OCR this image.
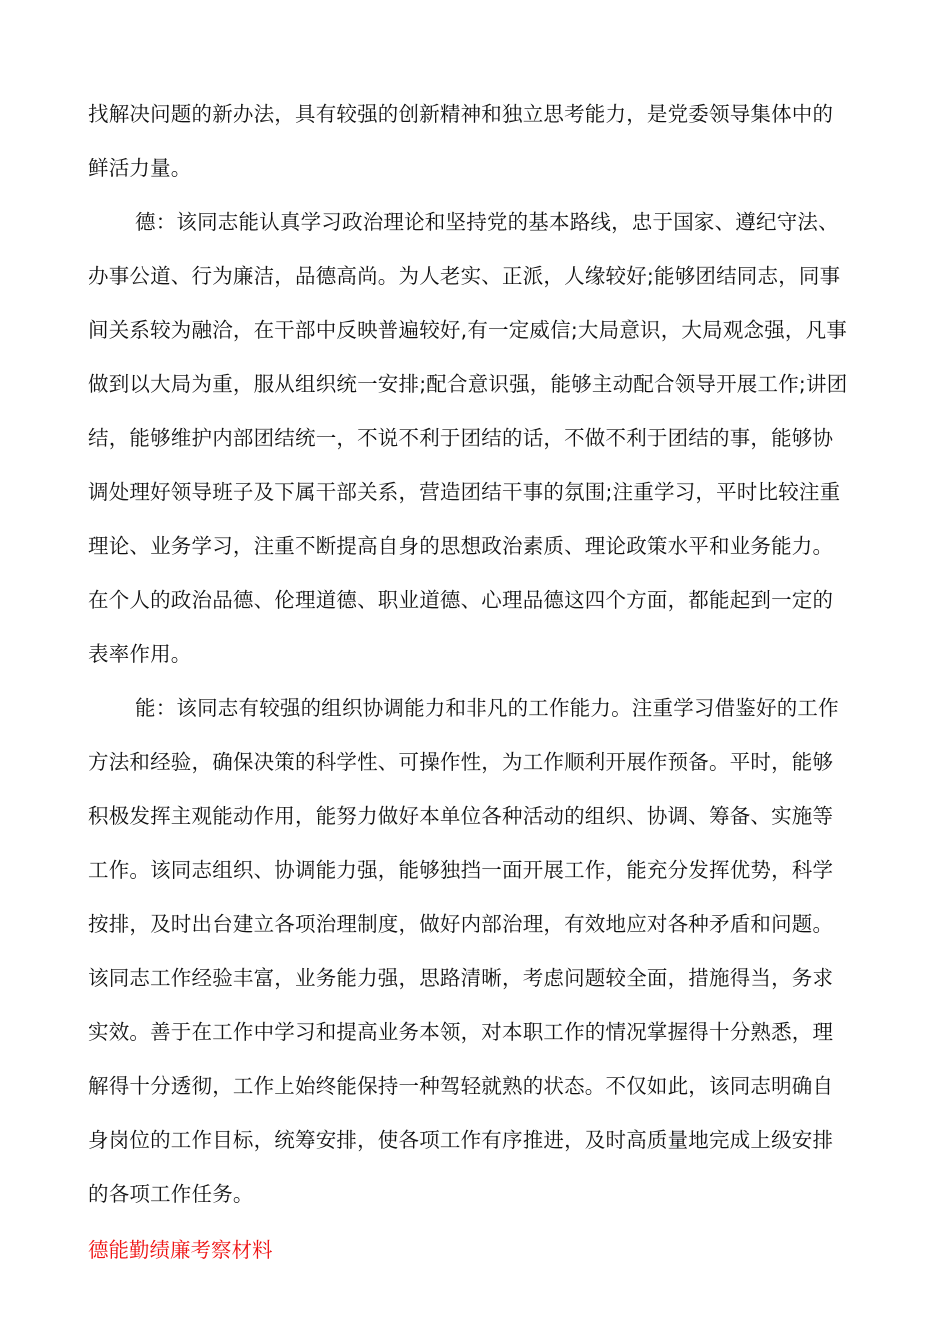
找解决问题的新办法，具有较强的创新精神和独立思考能力，是党委领导集体中的
鲜活力量。
德：该同志能认真学习政治理论和坚持党的基本路线，忠于国家、遵纪守法、
办事公道、行为廉洁，品德高尚。为人老实、正派，人缘较好;能够团结同志，同事
间关系较为融洽，在干部中反映普遍较好,有一定威信;大局意识，大局观念强，凡事
做到以大局为重，服从组织统一安排;配合意识强，能够主动配合领导开展工作;讲团
结，能够维护内部团结统一，不说不利于团结的话，不做不利于团结的事，能够协
调处理好领导班子及下属干部关系，营造团结干事的氛围;注重学习，平时比较注重
理论、业务学习，注重不断提高自身的思想政治素质、理论政策水平和业务能力。
在个人的政治品德、伦理道德、职业道德、心理品德这四个方面，都能起到一定的
表率作用。
能：该同志有较强的组织协调能力和非凡的工作能力。注重学习借鉴好的工作
方法和经验，确保决策的科学性、可操作性，为工作顺利开展作预备。平时，能够
积极发挥主观能动作用，能努力做好本单位各种活动的组织、协调、筹备、实施等
工作。该同志组织、协调能力强，能够独挡一面开展工作，能充分发挥优势，科学
按排，及时出台建立各项治理制度，做好内部治理，有效地应对各种矛盾和问题。
该同志工作经验丰富，业务能力强，思路清晰，考虑问题较全面，措施得当，务求
实效。善于在工作中学习和提高业务本领，对本职工作的情况掌握得十分熟悉，理
解得十分透彻，工作上始终能保持一种驾轻就熟的状态。不仅如此，该同志明确自
身岗位的工作目标，统筹安排，使各项工作有序推进，及时高质量地完成上级安排
的各项工作任务。
德能勤绩廉考察材料
